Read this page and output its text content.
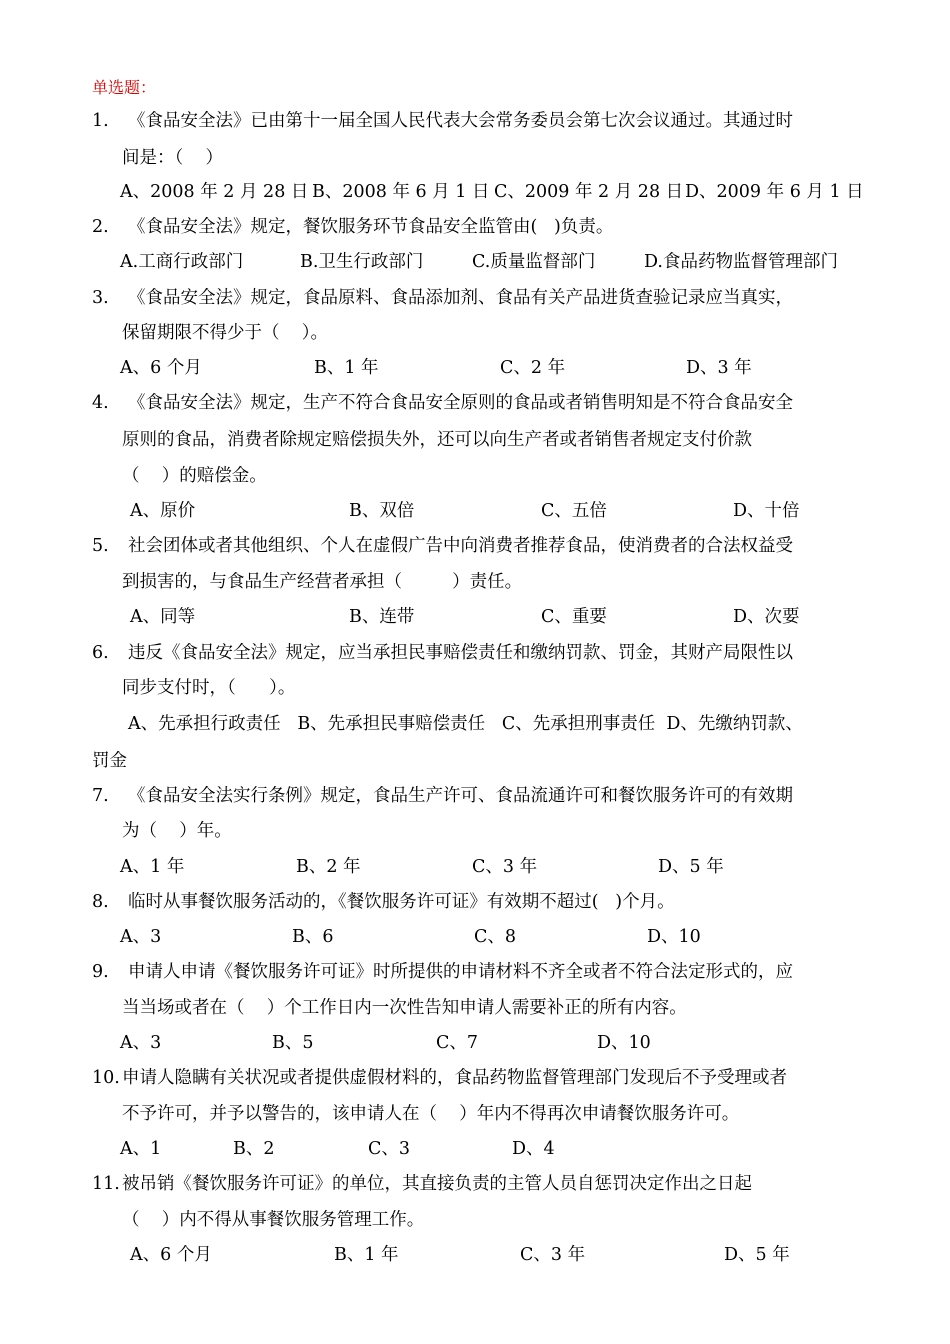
单选题：
1. 《食品安全法》已由第十一届全国人民代表大会常务委员会第七次会议通过。其通过时
间是：（    ）
A、2008 年 2 月 28 日 B、2008 年 6 月 1 日 C、2009 年 2 月 28 日 D、2009 年 6 月 1 日
2. 《食品安全法》规定，餐饮服务环节食品安全监管由(   )负责。
A.工商行政部门	B.卫生行政部门	C.质量监督部门	D.食品药物监督管理部门
3. 《食品安全法》规定，食品原料、食品添加剂、食品有关产品进货查验记录应当真实，
保留期限不得少于（    ）。
A、6 个月	B、1 年	C、2 年	D、3 年
4. 《食品安全法》规定，生产不符合食品安全原则的食品或者销售明知是不符合食品安全
原则的食品，消费者除规定赔偿损失外，还可以向生产者或者销售者规定支付价款
（    ）的赔偿金。
A、原价	B、双倍	C、五倍	D、十倍
5. 社会团体或者其他组织、个人在虚假广告中向消费者推荐食品，使消费者的合法权益受
到损害的，与食品生产经营者承担（         ）责任。
A、同等	B、连带	C、重要	D、次要
6. 违反《食品安全法》规定，应当承担民事赔偿责任和缴纳罚款、罚金，其财产局限性以
同步支付时，（      ）。
A、先承担行政责任   B、先承担民事赔偿责任   C、先承担刑事责任  D、先缴纳罚款、
罚金
7. 《食品安全法实行条例》规定，食品生产许可、食品流通许可和餐饮服务许可的有效期
为（    ）年。
A、1 年	B、2 年	C、3 年	D、5 年
8. 临时从事餐饮服务活动的，《餐饮服务许可证》有效期不超过(   )个月。
A、3	B、6	C、8	D、10
9. 申请人申请《餐饮服务许可证》时所提供的申请材料不齐全或者不符合法定形式的，应
当当场或者在（    ）个工作日内一次性告知申请人需要补正的所有内容。
A、3	B、5	C、7	D、10
10. 申请人隐瞒有关状况或者提供虚假材料的，食品药物监督管理部门发现后不予受理或者
不予许可，并予以警告的，该申请人在（    ）年内不得再次申请餐饮服务许可。
A、1	B、2	C、3	D、4
11. 被吊销《餐饮服务许可证》的单位，其直接负责的主管人员自惩罚决定作出之日起
（    ）内不得从事餐饮服务管理工作。
A、6 个月	B、1 年	C、3 年	D、5 年
